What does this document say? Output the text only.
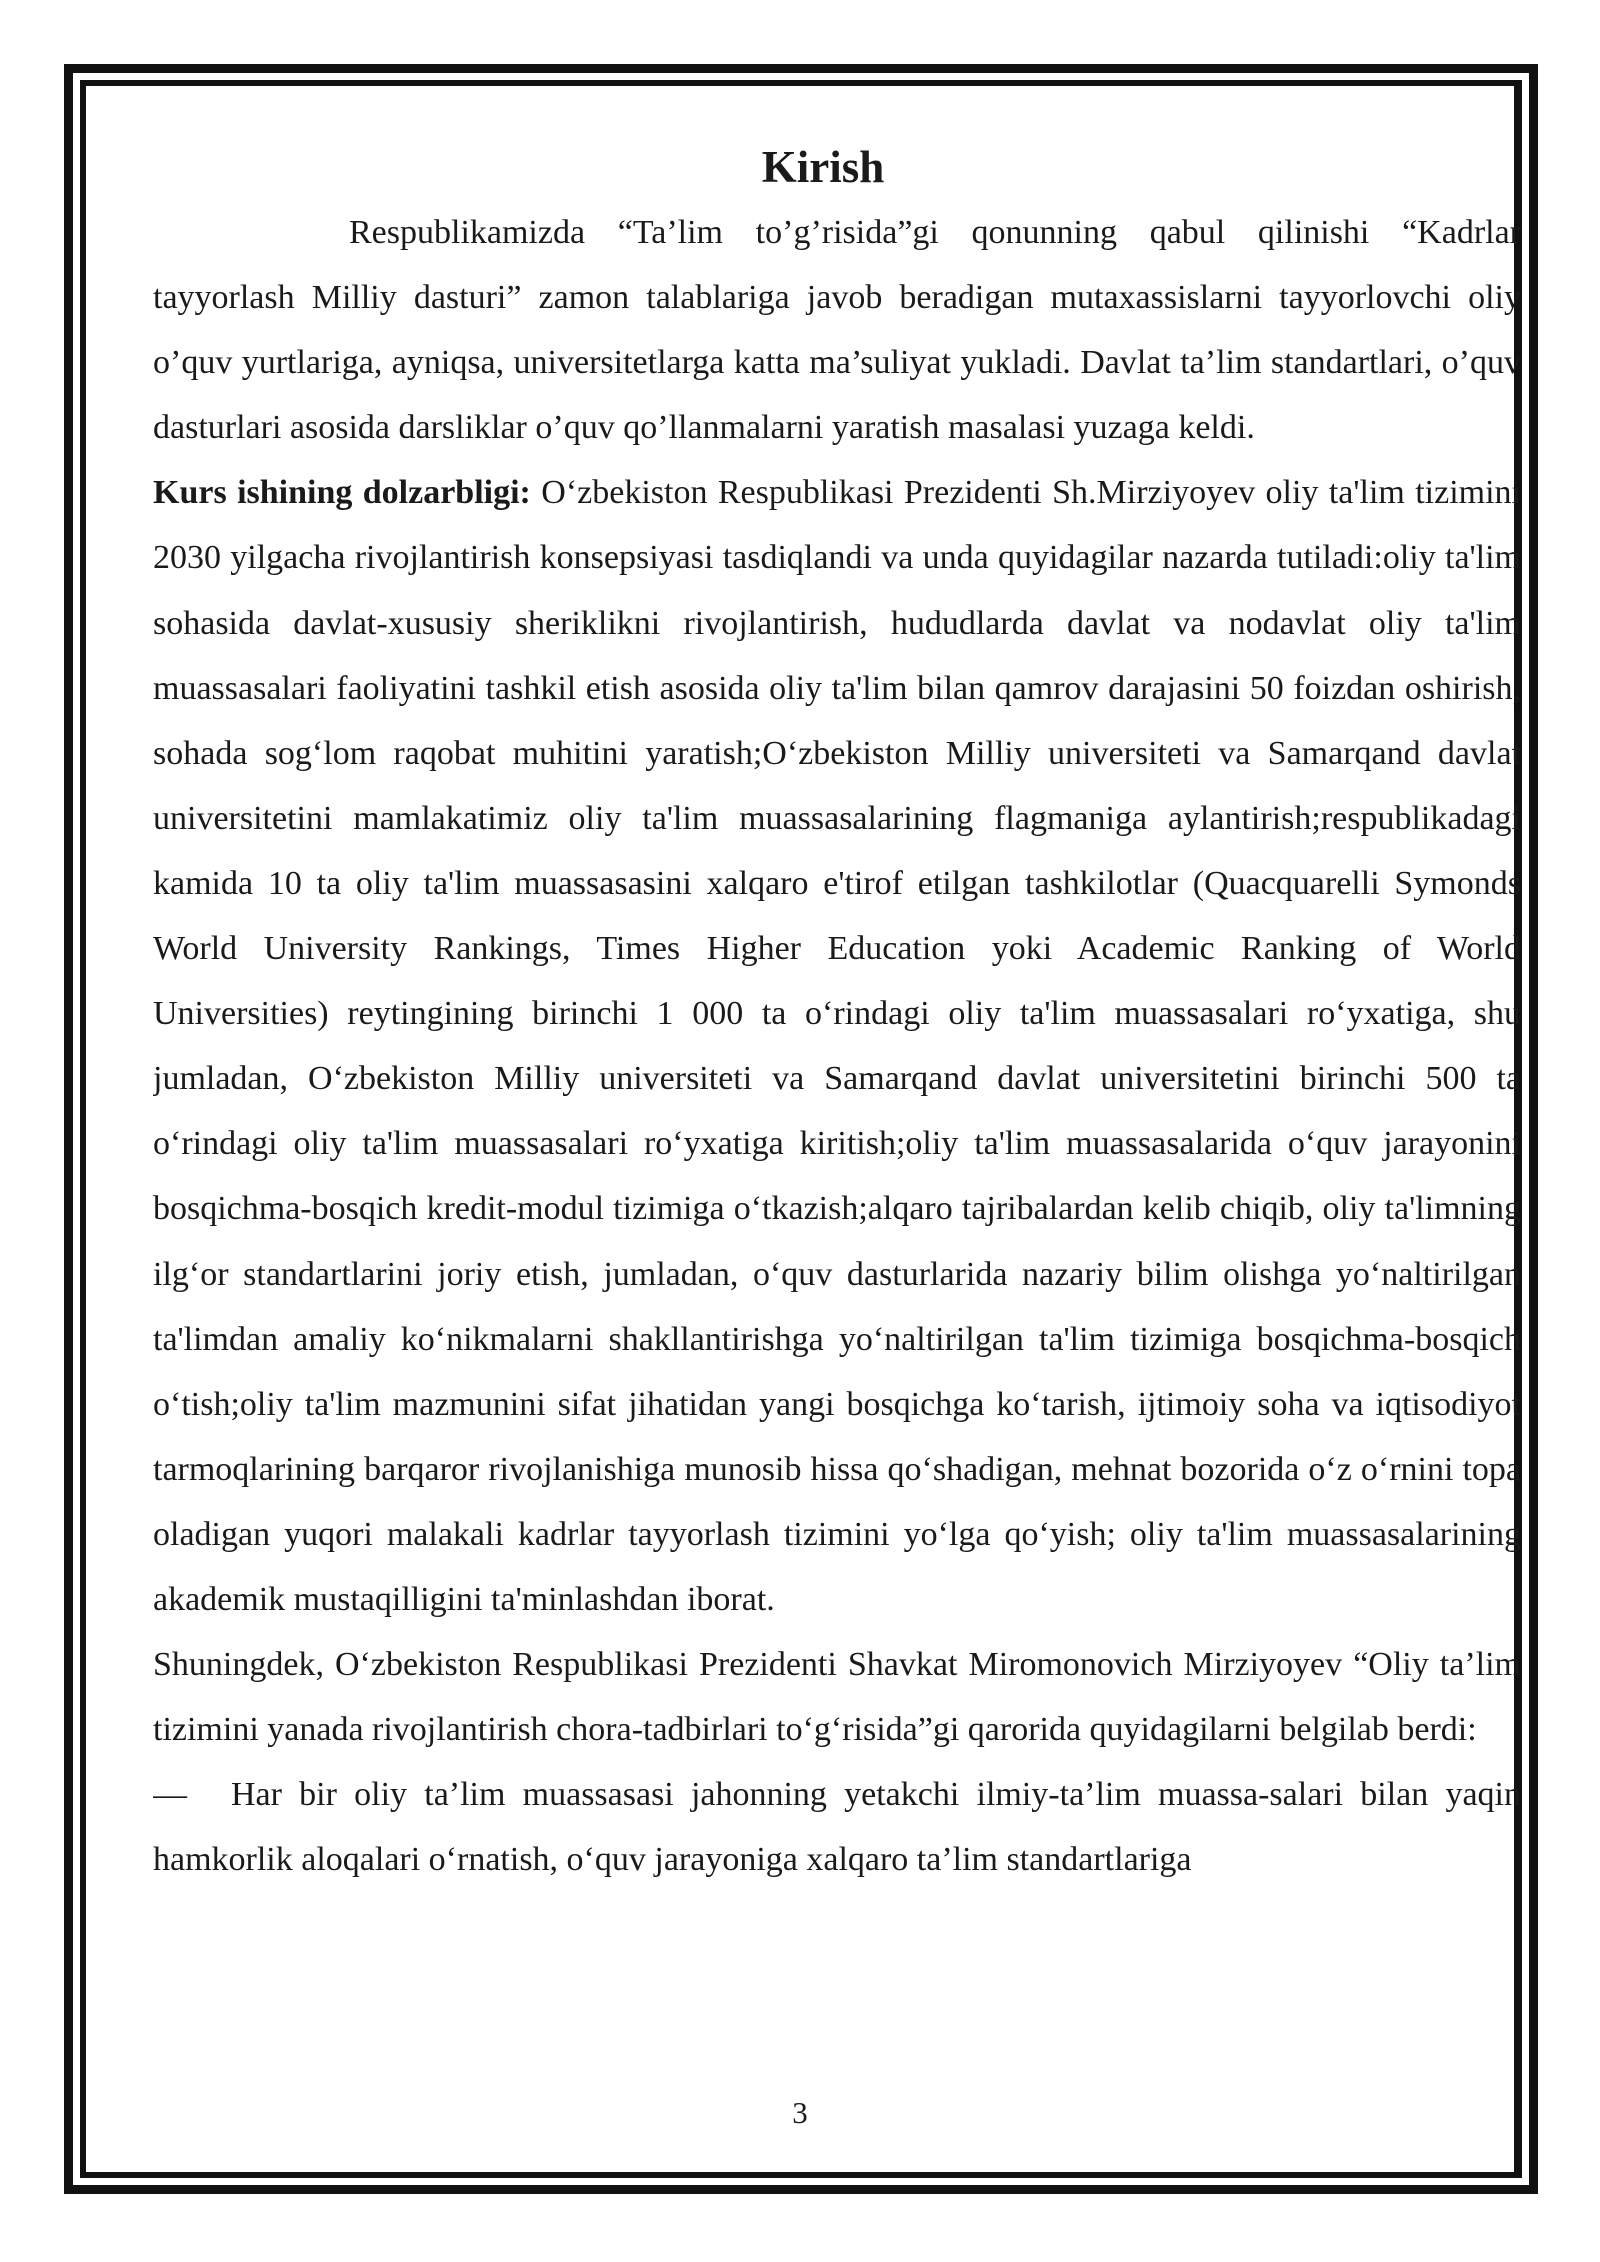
Kirish

Respublikamizda “Ta’lim to’g’risida”gi qonunning qabul qilinishi “Kadrlar tayyorlash Milliy dasturi” zamon talablariga javob beradigan mutaxassislarni tayyorlovchi oliy o’quv yurtlariga, ayniqsa, universitetlarga katta ma’suliyat yukladi. Davlat ta’lim standartlari, o’quv dasturlari asosida darsliklar o’quv qo’llanmalarni yaratish masalasi yuzaga keldi.

Kurs ishining dolzarbligi: O‘zbekiston Respublikasi Prezidenti Sh.Mirziyoyev oliy ta'lim tizimini 2030 yilgacha rivojlantirish konsepsiyasi tasdiqlandi va unda quyidagilar nazarda tutiladi:oliy ta'lim sohasida davlat-xususiy sheriklikni rivojlantirish, hududlarda davlat va nodavlat oliy ta'lim muassasalari faoliyatini tashkil etish asosida oliy ta'lim bilan qamrov darajasini 50 foizdan oshirish, sohada sog‘lom raqobat muhitini yaratish;O‘zbekiston Milliy universiteti va Samarqand davlat universitetini mamlakatimiz oliy ta'lim muassasalarining flagmaniga aylantirish;respublikadagi kamida 10 ta oliy ta'lim muassasasini xalqaro e'tirof etilgan tashkilotlar (Quacquarelli Symonds World University Rankings, Times Higher Education yoki Academic Ranking of World Universities) reytingining birinchi 1 000 ta o‘rindagi oliy ta'lim muassasalari ro‘yxatiga, shu jumladan, O‘zbekiston Milliy universiteti va Samarqand davlat universitetini birinchi 500 ta o‘rindagi oliy ta'lim muassasalari ro‘yxatiga kiritish;oliy ta'lim muassasalarida o‘quv jarayonini bosqichma-bosqich kredit-modul tizimiga o‘tkazish;alqaro tajribalardan kelib chiqib, oliy ta'limning ilg‘or standartlarini joriy etish, jumladan, o‘quv dasturlarida nazariy bilim olishga yo‘naltirilgan ta'limdan amaliy ko‘nikmalarni shakllantirishga yo‘naltirilgan ta'lim tizimiga bosqichma-bosqich o‘tish;oliy ta'lim mazmunini sifat jihatidan yangi bosqichga ko‘tarish, ijtimoiy soha va iqtisodiyot tarmoqlarining barqaror rivojlanishiga munosib hissa qo‘shadigan, mehnat bozorida o‘z o‘rnini topa oladigan yuqori malakali kadrlar tayyorlash tizimini yo‘lga qo‘yish; oliy ta'lim muassasalarining akademik mustaqilligini ta'minlashdan iborat.

Shuningdek, O‘zbekiston Respublikasi Prezidenti Shavkat Miromonovich Mirziyoyev “Oliy ta’lim tizimini yanada rivojlantirish chora-tadbirlari to‘g‘risida”gi qarorida quyidagilarni belgilab berdi:

— Har bir oliy ta’lim muassasasi jahonning yetakchi ilmiy-ta’lim muassa-salari bilan yaqin hamkorlik aloqalari o‘rnatish, o‘quv jarayoniga xalqaro ta’lim standartlariga

3
